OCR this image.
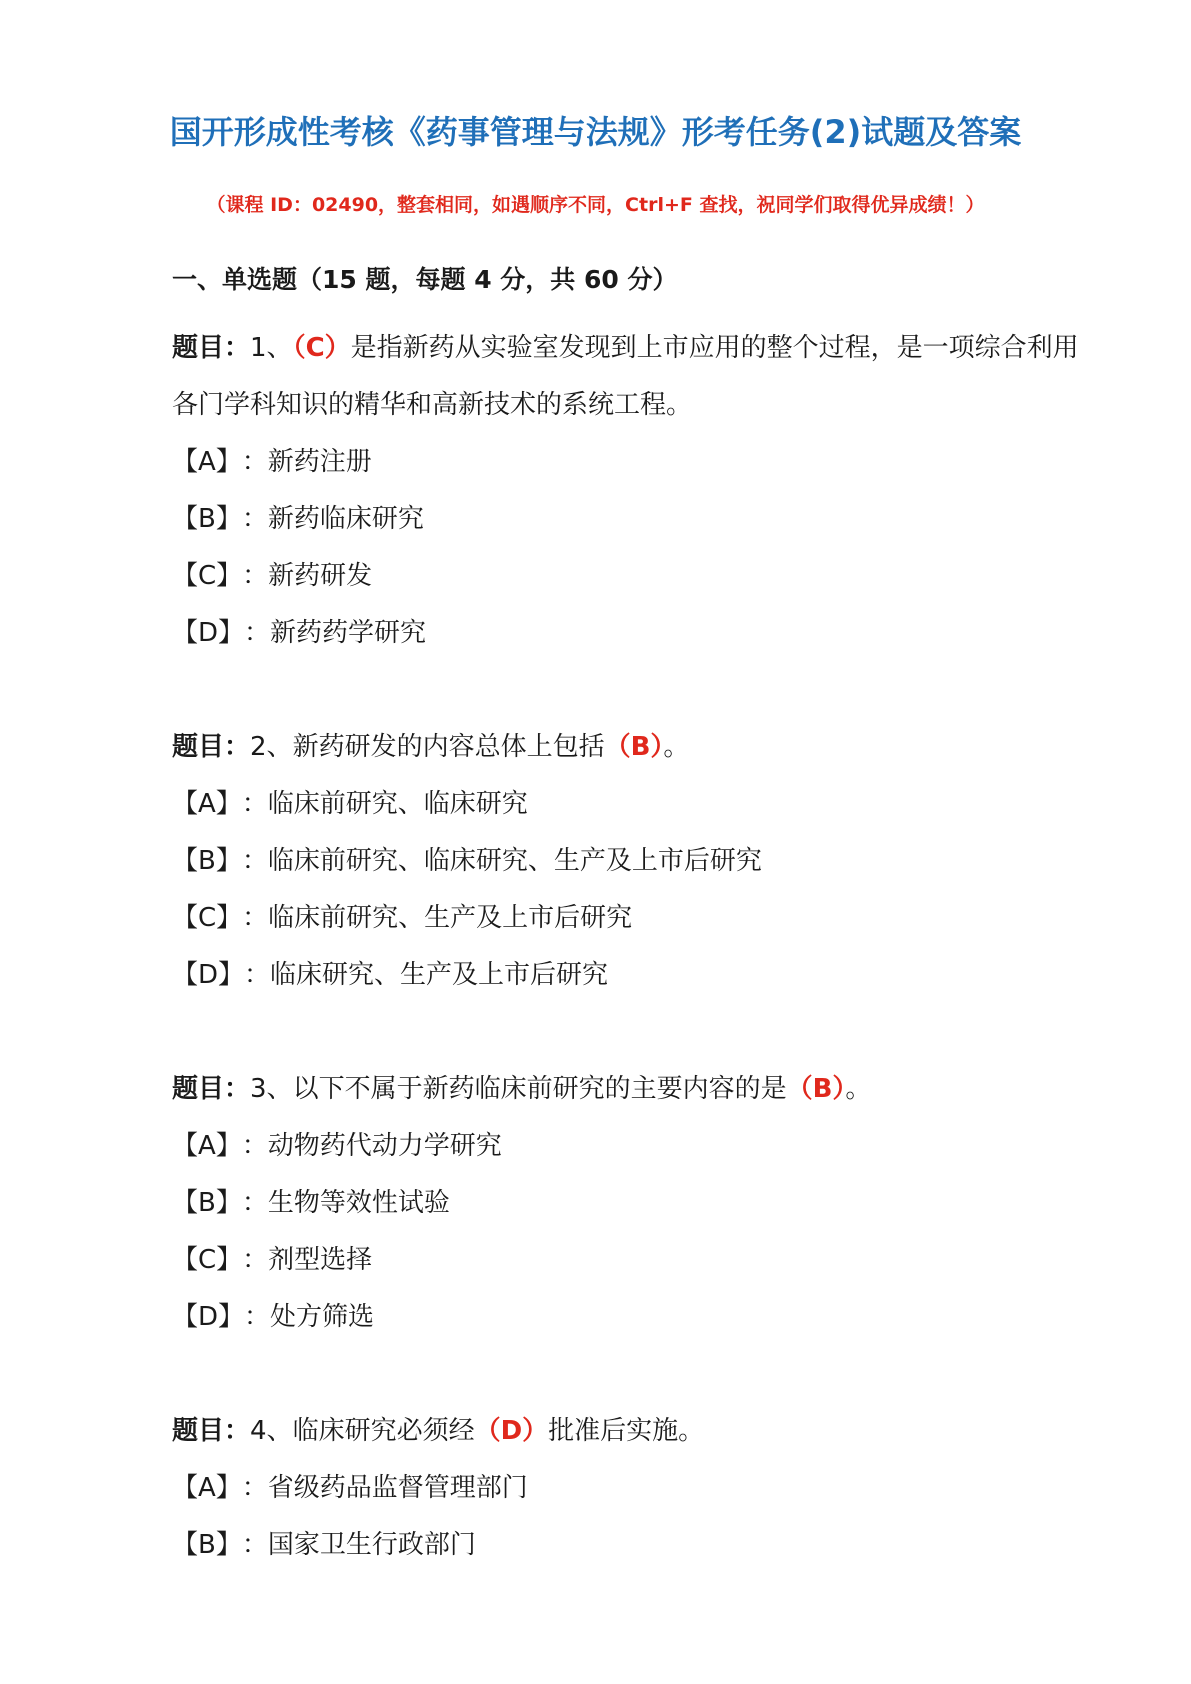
国开形成性考核《药事管理与法规》形考任务(2)试题及答案
（课程 ID：02490，整套相同，如遇顺序不同，Ctrl+F 查找，祝同学们取得优异成绩！）
一、单选题（15 题，每题 4 分，共 60 分）

题目：1、（C）是指新药从实验室发现到上市应用的整个过程，是一项综合利用各门学科知识的精华和高新技术的系统工程。

【A】：新药注册

【B】：新药临床研究

【C】：新药研发

【D】：新药药学研究

题目：2、新药研发的内容总体上包括（B）。

【A】：临床前研究、临床研究

【B】：临床前研究、临床研究、生产及上市后研究

【C】：临床前研究、生产及上市后研究

【D】：临床研究、生产及上市后研究

题目：3、以下不属于新药临床前研究的主要内容的是（B）。

【A】：动物药代动力学研究

【B】：生物等效性试验

【C】：剂型选择

【D】：处方筛选

题目：4、临床研究必须经（D）批准后实施。

【A】：省级药品监督管理部门

【B】：国家卫生行政部门
